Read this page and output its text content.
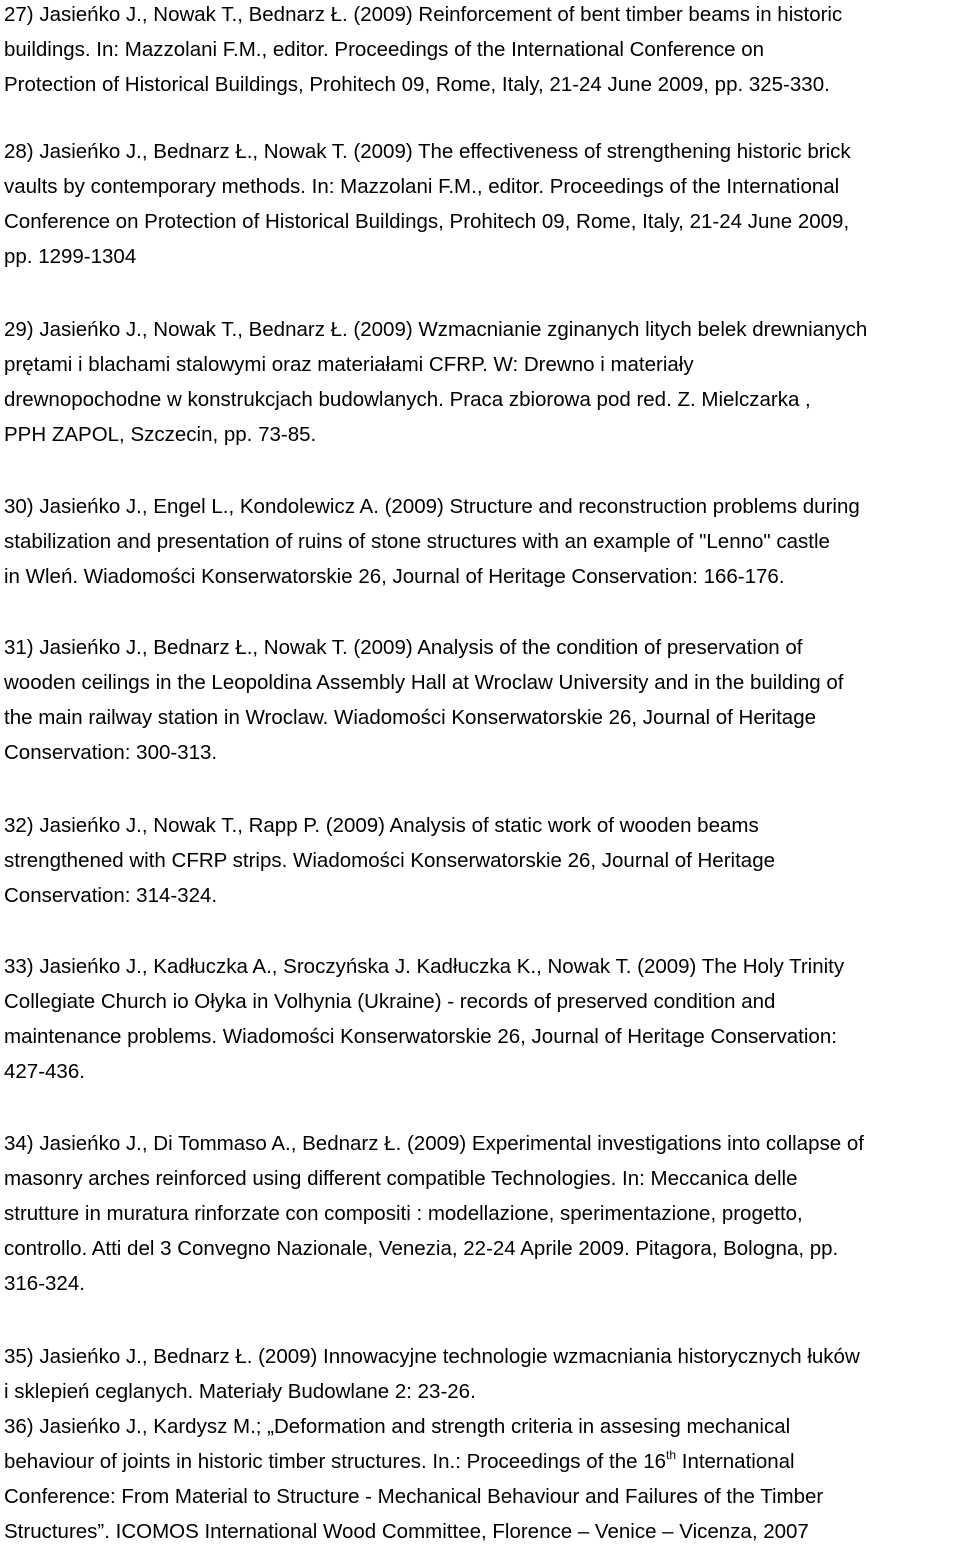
27) Jasieńko J., Nowak T., Bednarz Ł. (2009) Reinforcement of bent timber beams in historic
buildings. In: Mazzolani F.M., editor. Proceedings of the International Conference on
Protection of Historical Buildings, Prohitech 09, Rome, Italy, 21-24 June 2009, pp. 325-330.
28) Jasieńko J., Bednarz Ł., Nowak T. (2009) The effectiveness of strengthening historic brick
vaults by contemporary methods. In: Mazzolani F.M., editor. Proceedings of the International
Conference on Protection of Historical Buildings, Prohitech 09, Rome, Italy, 21-24 June 2009,
pp. 1299-1304
29) Jasieńko J., Nowak T., Bednarz Ł. (2009) Wzmacnianie zginanych litych belek drewnianych
prętami i blachami stalowymi oraz materiałami CFRP. W: Drewno i materiały
drewnopochodne w konstrukcjach budowlanych. Praca zbiorowa pod red. Z. Mielczarka ,
PPH ZAPOL, Szczecin, pp. 73-85.
30) Jasieńko J., Engel L., Kondolewicz A. (2009) Structure and reconstruction problems during
stabilization and presentation of ruins of stone structures with an example of "Lenno" castle
in Wleń. Wiadomości Konserwatorskie 26, Journal of Heritage Conservation: 166-176.
31) Jasieńko J., Bednarz Ł., Nowak T. (2009) Analysis of the condition of preservation of
wooden ceilings in the Leopoldina Assembly Hall at Wroclaw University and in the building of
the main railway station in Wroclaw. Wiadomości Konserwatorskie 26, Journal of Heritage
Conservation: 300-313.
32) Jasieńko J., Nowak T., Rapp P. (2009) Analysis of static work of wooden beams
strengthened with CFRP strips. Wiadomości Konserwatorskie 26, Journal of Heritage
Conservation: 314-324.
33) Jasieńko J., Kadłuczka A., Sroczyńska J. Kadłuczka K., Nowak T. (2009) The Holy Trinity
Collegiate Church io Ołyka in Volhynia (Ukraine) - records of preserved condition and
maintenance problems. Wiadomości Konserwatorskie 26, Journal of Heritage Conservation:
427-436.
34) Jasieńko J., Di Tommaso A., Bednarz Ł. (2009) Experimental investigations into collapse of
masonry arches reinforced using different compatible Technologies. In: Meccanica delle
strutture in muratura rinforzate con compositi : modellazione, sperimentazione, progetto,
controllo. Atti del 3 Convegno Nazionale, Venezia, 22-24 Aprile 2009. Pitagora, Bologna, pp.
316-324.
35) Jasieńko J., Bednarz Ł. (2009) Innowacyjne technologie wzmacniania historycznych łuków
i sklepień ceglanych. Materiały Budowlane 2: 23-26.
36) Jasieńko J., Kardysz M.; „Deformation and strength criteria in assesing mechanical
behaviour of joints in historic timber structures. In.: Proceedings of the 16th International
Conference: From Material to Structure - Mechanical Behaviour and Failures of the Timber
Structures”. ICOMOS International Wood Committee, Florence – Venice – Vicenza, 2007
